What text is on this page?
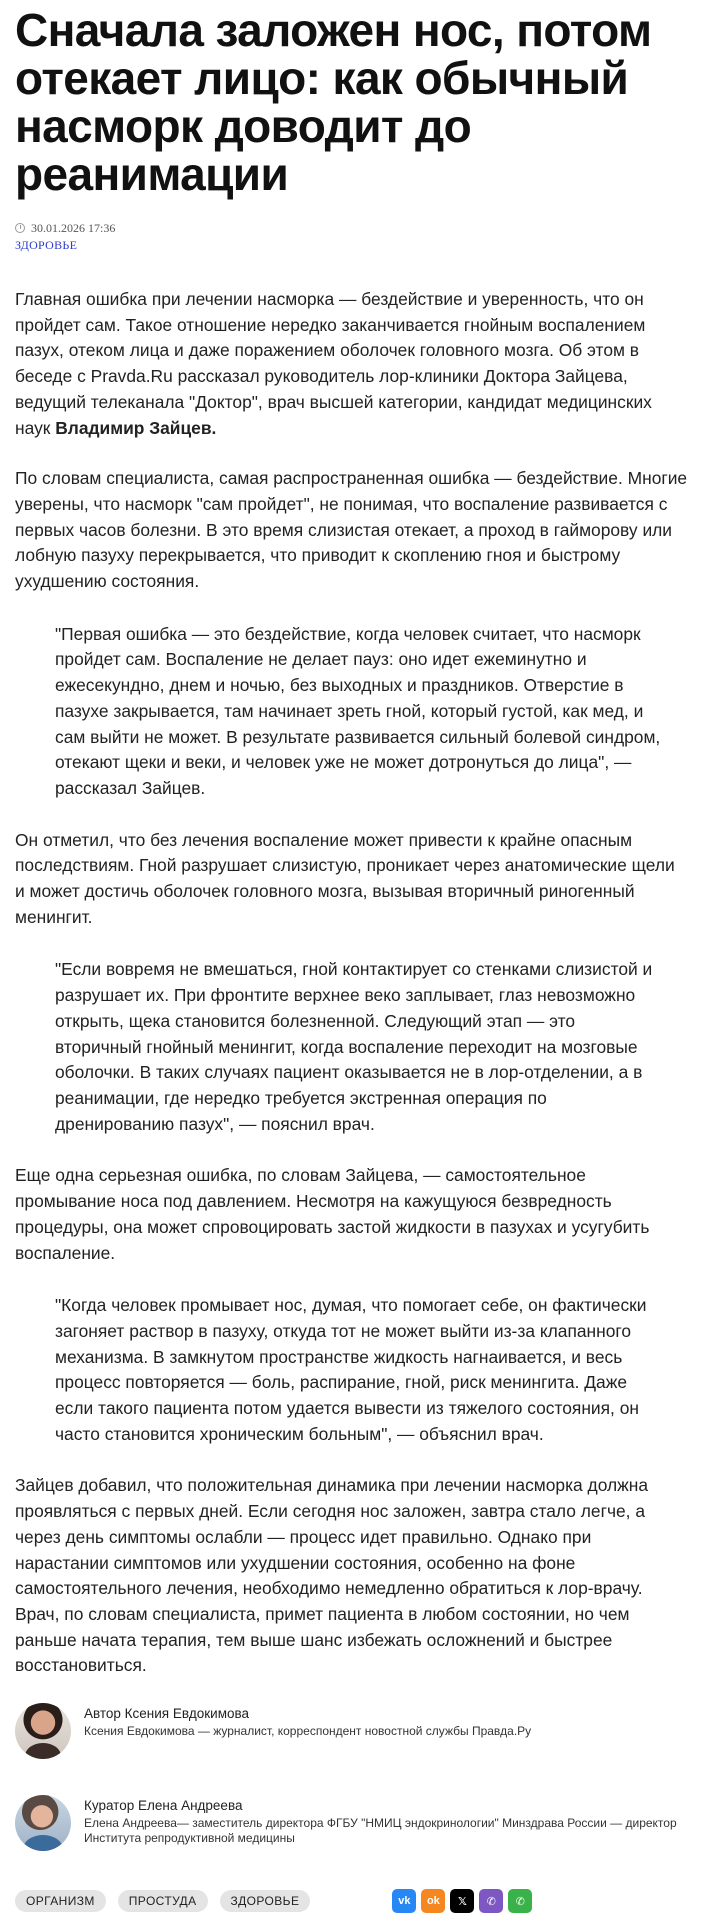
Сначала заложен нос, потом отекает лицо: как обычный насморк доводит до реанимации
30.01.2026 17:36
ЗДОРОВЬЕ

Главная ошибка при лечении насморка — бездействие и уверенность, что он пройдет сам. Такое отношение нередко заканчивается гнойным воспалением пазух, отеком лица и даже поражением оболочек головного мозга. Об этом в беседе с Pravda.Ru рассказал руководитель лор-клиники Доктора Зайцева, ведущий телеканала "Доктор", врач высшей категории, кандидат медицинских наук Владимир Зайцев.

По словам специалиста, самая распространенная ошибка — бездействие. Многие уверены, что насморк "сам пройдет", не понимая, что воспаление развивается с первых часов болезни. В это время слизистая отекает, а проход в гайморову или лобную пазуху перекрывается, что приводит к скоплению гноя и быстрому ухудшению состояния.

"Первая ошибка — это бездействие, когда человек считает, что насморк пройдет сам. Воспаление не делает пауз: оно идет ежеминутно и ежесекундно, днем и ночью, без выходных и праздников. Отверстие в пазухе закрывается, там начинает зреть гной, который густой, как мед, и сам выйти не может. В результате развивается сильный болевой синдром, отекают щеки и веки, и человек уже не может дотронуться до лица", — рассказал Зайцев.

Он отметил, что без лечения воспаление может привести к крайне опасным последствиям. Гной разрушает слизистую, проникает через анатомические щели и может достичь оболочек головного мозга, вызывая вторичный риногенный менингит.

"Если вовремя не вмешаться, гной контактирует со стенками слизистой и разрушает их. При фронтите верхнее веко заплывает, глаз невозможно открыть, щека становится болезненной. Следующий этап — это вторичный гнойный менингит, когда воспаление переходит на мозговые оболочки. В таких случаях пациент оказывается не в лор-отделении, а в реанимации, где нередко требуется экстренная операция по дренированию пазух", — пояснил врач.

Еще одна серьезная ошибка, по словам Зайцева, — самостоятельное промывание носа под давлением. Несмотря на кажущуюся безвредность процедуры, она может спровоцировать застой жидкости в пазухах и усугубить воспаление.

"Когда человек промывает нос, думая, что помогает себе, он фактически загоняет раствор в пазуху, откуда тот не может выйти из-за клапанного механизма. В замкнутом пространстве жидкость нагнаивается, и весь процесс повторяется — боль, распирание, гной, риск менингита. Даже если такого пациента потом удается вывести из тяжелого состояния, он часто становится хроническим больным", — объяснил врач.

Зайцев добавил, что положительная динамика при лечении насморка должна проявляться с первых дней. Если сегодня нос заложен, завтра стало легче, а через день симптомы ослабли — процесс идет правильно. Однако при нарастании симптомов или ухудшении состояния, особенно на фоне самостоятельного лечения, необходимо немедленно обратиться к лор-врачу. Врач, по словам специалиста, примет пациента в любом состоянии, но чем раньше начата терапия, тем выше шанс избежать осложнений и быстрее восстановиться.

Автор Ксения Евдокимова
Ксения Евдокимова — журналист, корреспондент новостной службы Правда.Ру
Куратор Елена Андреева
Елена Андреева— заместитель директора ФГБУ "НМИЦ эндокринологии" Минздрава России — директор Института репродуктивной медицины
ОРГАНИЗМ	ПРОСТУДА	ЗДОРОВЬЕ	vk	ok	𝕏	✆	✆
